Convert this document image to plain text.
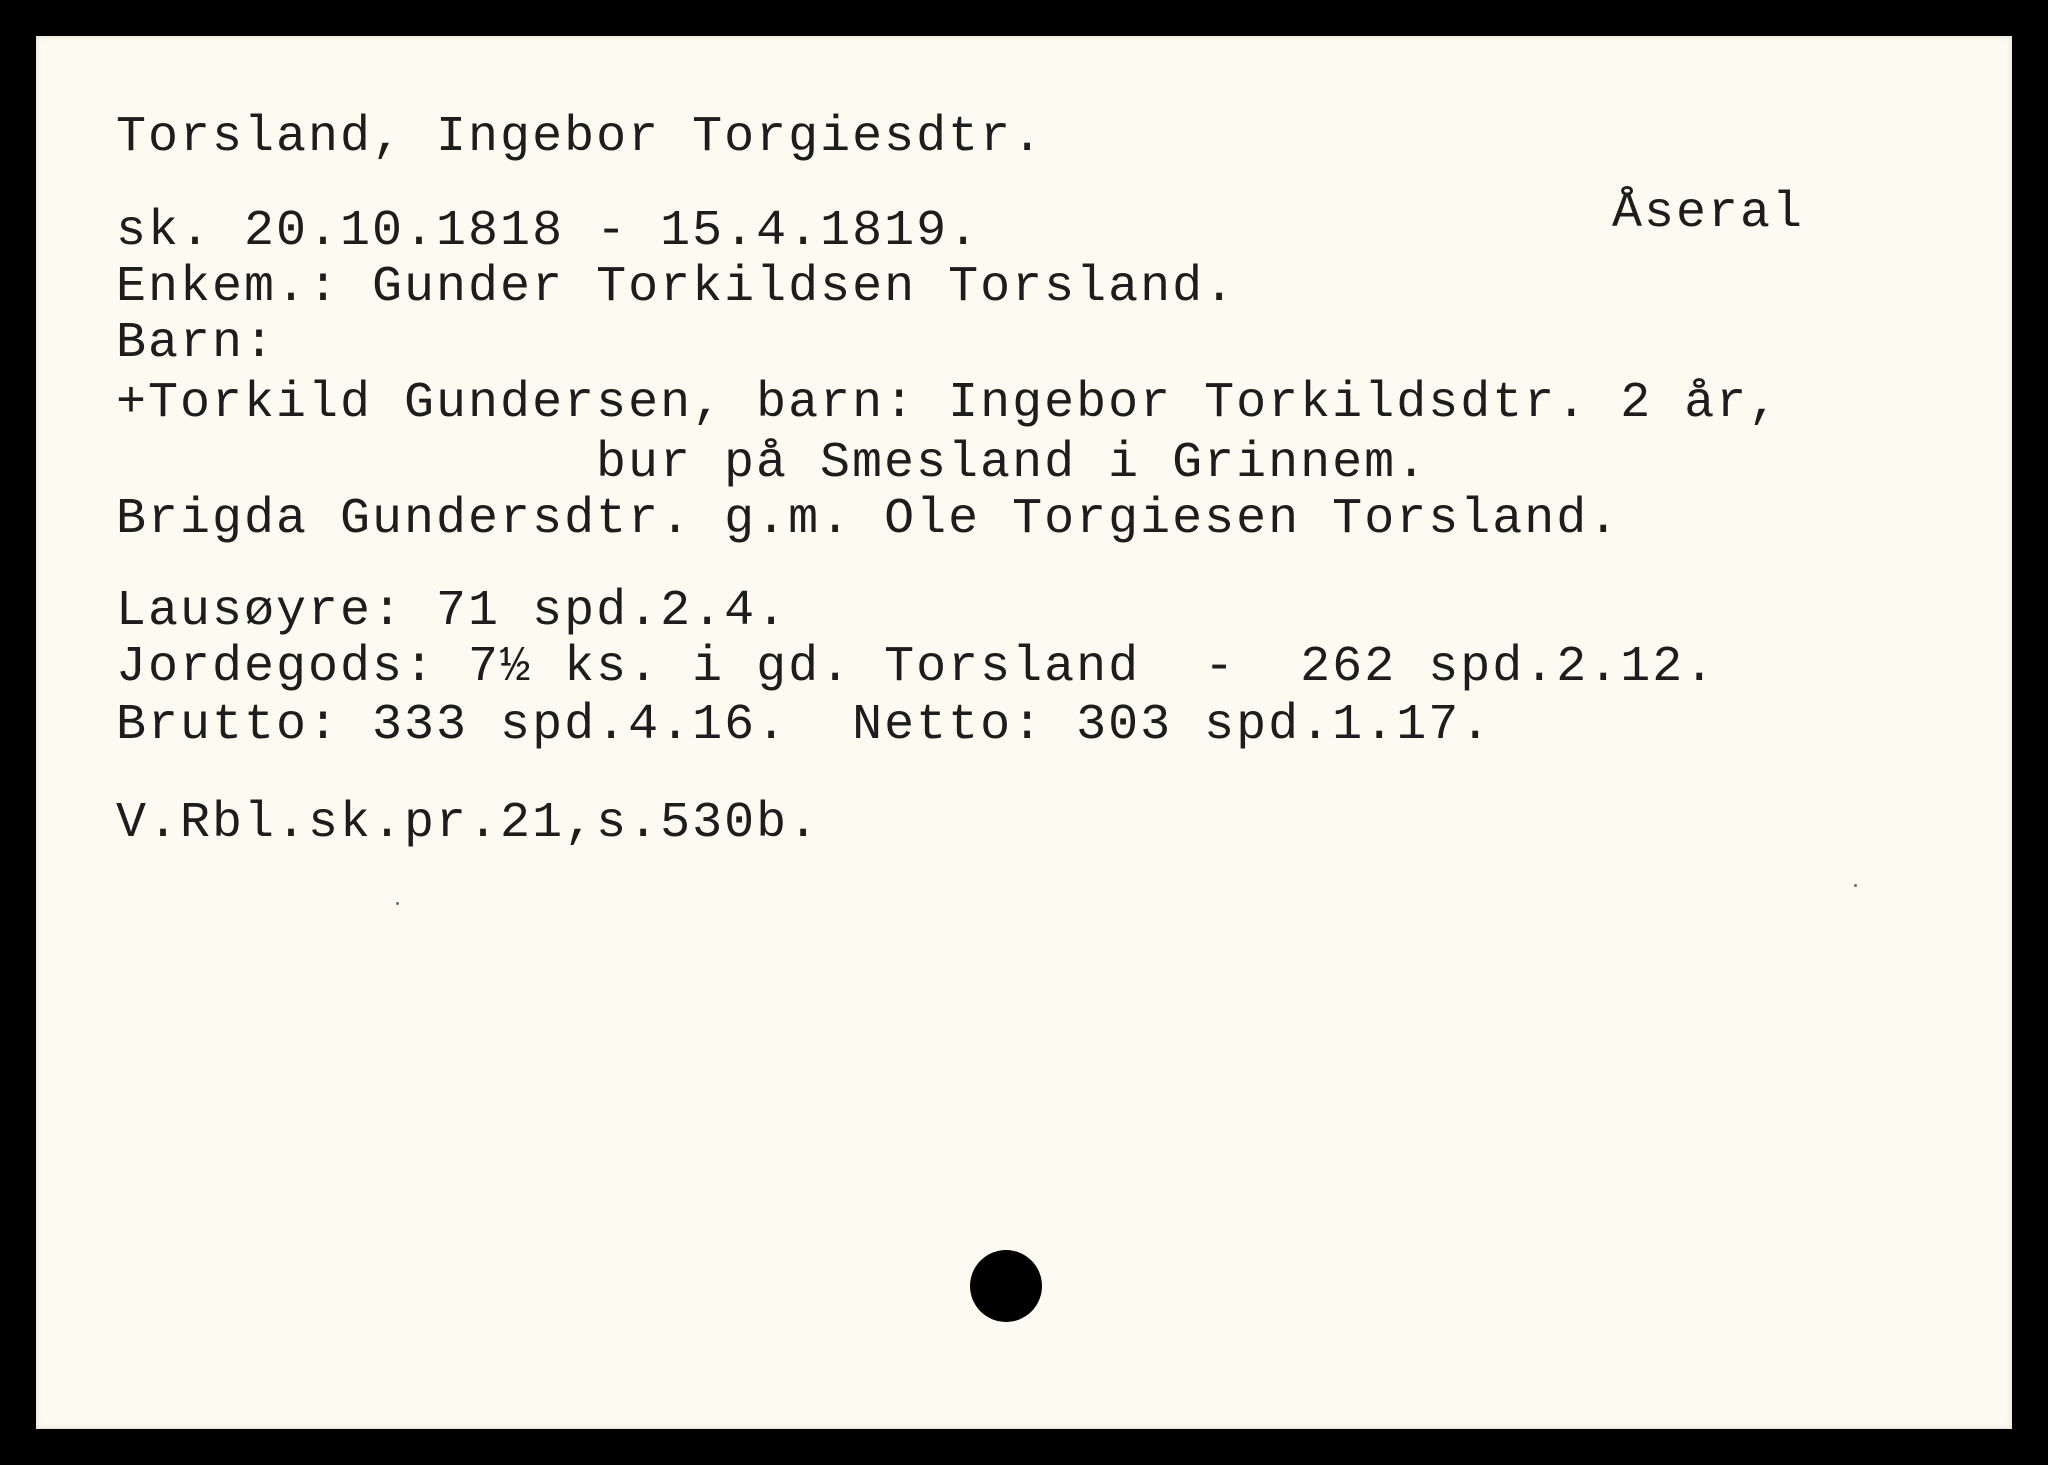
Torsland, Ingebor Torgiesdtr.

Åseral

sk. 20.10.1818 - 15.4.1819.

Enkem.: Gunder Torkildsen Torsland.

Barn:

+Torkild Gundersen, barn: Ingebor Torkildsdtr. 2 år,

bur på Smesland i Grinnem.

Brigda Gundersdtr. g.m. Ole Torgiesen Torsland.

Lausøyre: 71 spd.2.4.

Jordegods: 7½ ks. i gd. Torsland  -  262 spd.2.12.

Brutto: 333 spd.4.16.  Netto: 303 spd.1.17.

V.Rbl.sk.pr.21,s.530b.
